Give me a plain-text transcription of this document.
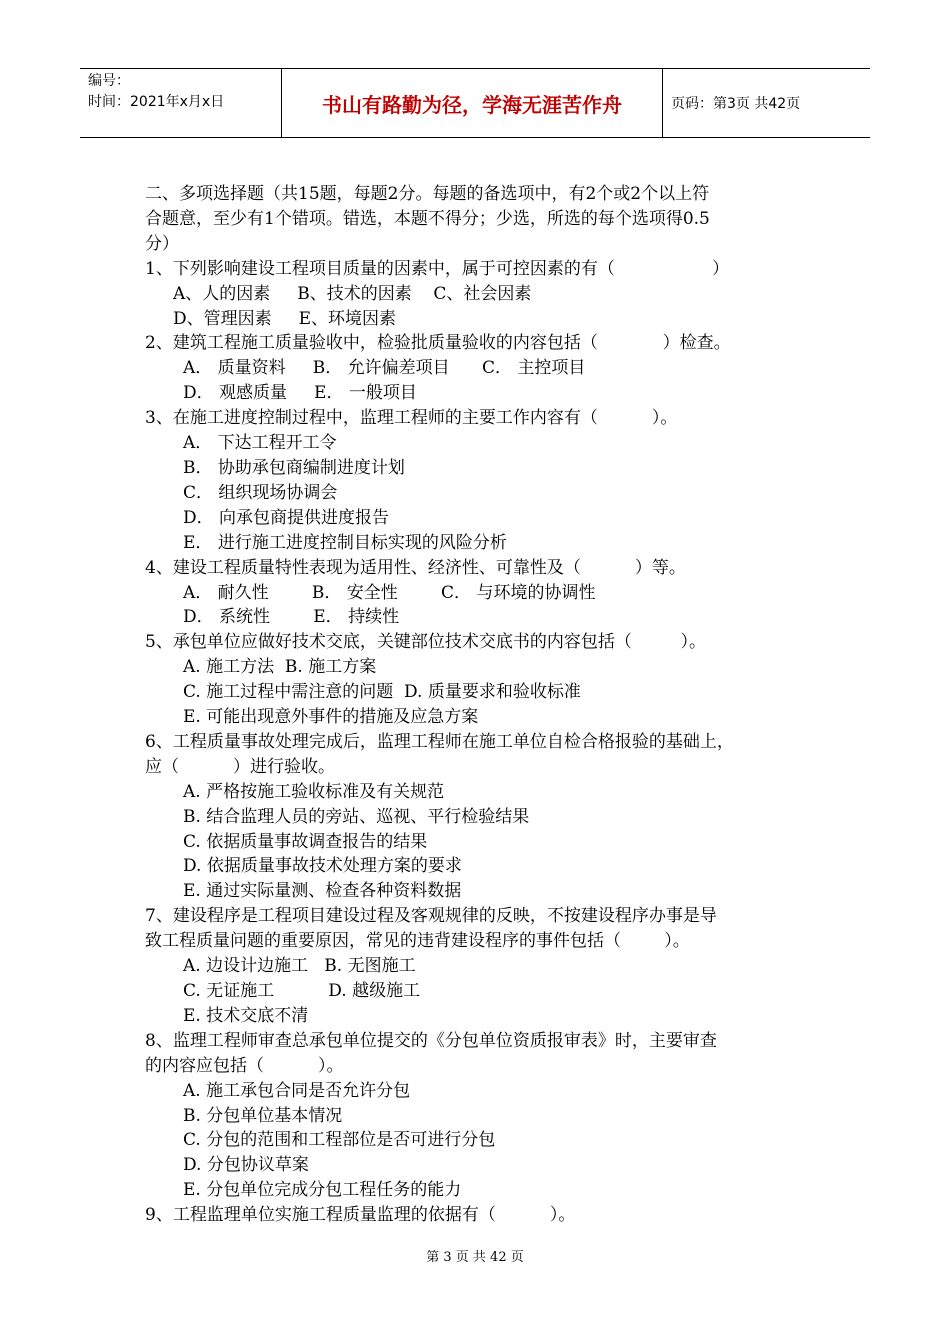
编号：
时间：2021年x月x日	书山有路勤为径，学海无涯苦作舟	页码：第3页 共42页

二、多项选择题（共15题，每题2分。每题的备选项中，有2个或2个以上符

合题意，至少有1个错项。错选，本题不得分；少选，所选的每个选项得0.5

分）

1、下列影响建设工程项目质量的因素中，属于可控因素的有（                  ）

A、人的因素     B、技术的因素    C、社会因素

D、管理因素     E、环境因素

2、建筑工程施工质量验收中，检验批质量验收的内容包括（            ）检查。

A． 质量资料     B． 允许偏差项目      C． 主控项目

D． 观感质量     E． 一般项目

3、在施工进度控制过程中，监理工程师的主要工作内容有（          ）。

A． 下达工程开工令

B． 协助承包商编制进度计划

C． 组织现场协调会

D． 向承包商提供进度报告

E． 进行施工进度控制目标实现的风险分析

4、建设工程质量特性表现为适用性、经济性、可靠性及（          ）等。

A． 耐久性        B． 安全性        C． 与环境的协调性

D． 系统性        E． 持续性

5、承包单位应做好技术交底，关键部位技术交底书的内容包括（         ）。

A. 施工方法  B. 施工方案

C. 施工过程中需注意的问题  D. 质量要求和验收标准

E. 可能出现意外事件的措施及应急方案

6、工程质量事故处理完成后，监理工程师在施工单位自检合格报验的基础上，

应（          ）进行验收。

A. 严格按施工验收标准及有关规范

B. 结合监理人员的旁站、巡视、平行检验结果

C. 依据质量事故调查报告的结果

D. 依据质量事故技术处理方案的要求

E. 通过实际量测、检查各种资料数据

7、建设程序是工程项目建设过程及客观规律的反映，不按建设程序办事是导

致工程质量问题的重要原因，常见的违背建设程序的事件包括（        ）。

A. 边设计边施工   B. 无图施工

C. 无证施工          D. 越级施工

E. 技术交底不清

8、监理工程师审查总承包单位提交的《分包单位资质报审表》时，主要审查

的内容应包括（          ）。

A. 施工承包合同是否允许分包

B. 分包单位基本情况

C. 分包的范围和工程部位是否可进行分包

D. 分包协议草案

E. 分包单位完成分包工程任务的能力

9、工程监理单位实施工程质量监理的依据有（          ）。

第 3 页 共 42 页
